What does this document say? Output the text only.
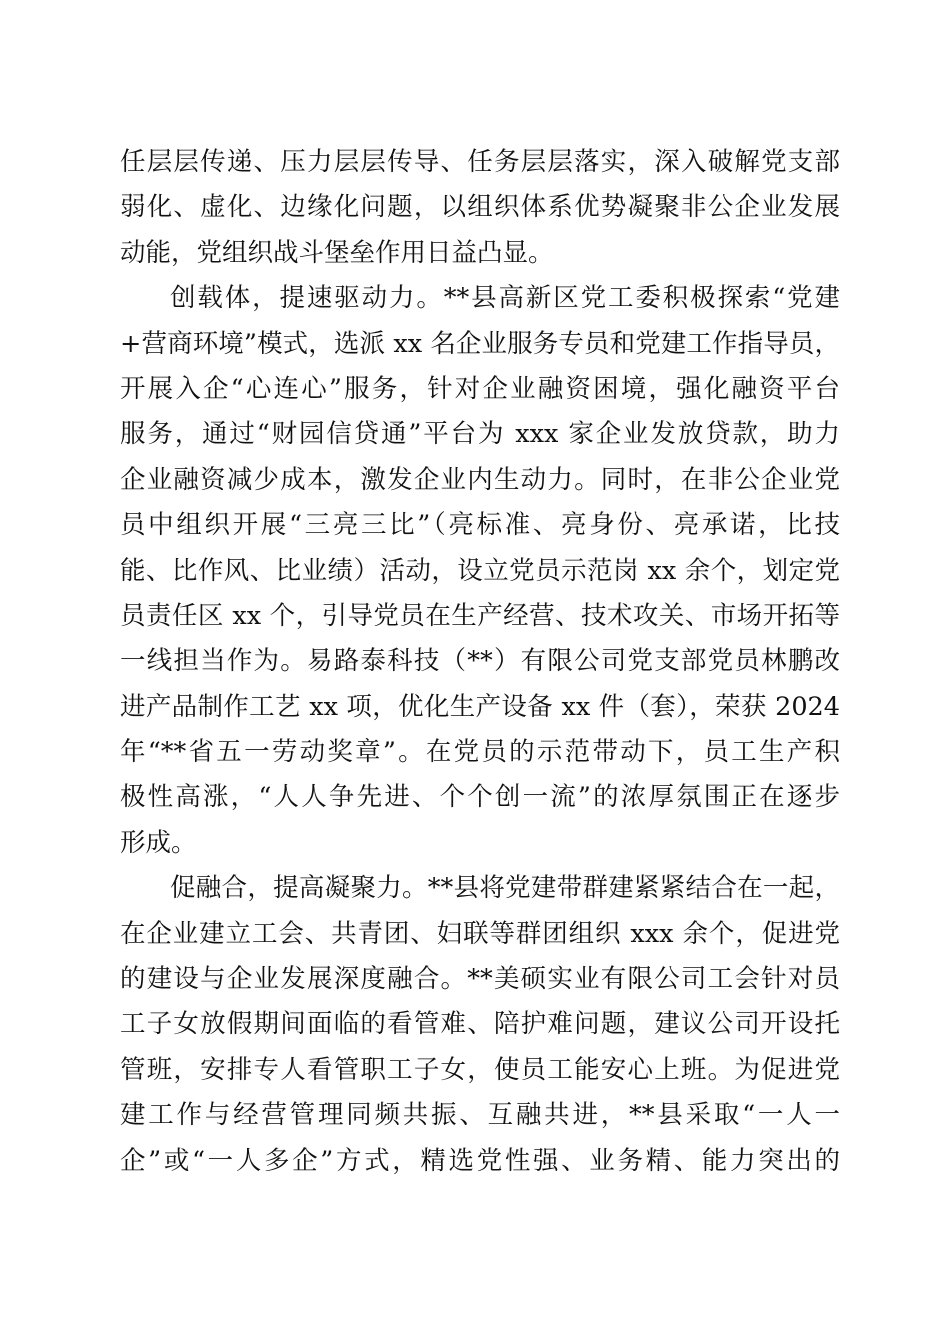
任层层传递、压力层层传导、任务层层落实，深入破解党支部
弱化、虚化、边缘化问题，以组织体系优势凝聚非公企业发展
动能，党组织战斗堡垒作用日益凸显。
创载体，提速驱动力。**县高新区党工委积极探索“党建
+营商环境”模式，选派 xx 名企业服务专员和党建工作指导员，
开展入企“心连心”服务，针对企业融资困境，强化融资平台
服务，通过“财园信贷通”平台为 xxx 家企业发放贷款，助力
企业融资减少成本，激发企业内生动力。同时，在非公企业党
员中组织开展“三亮三比”（亮标准、亮身份、亮承诺，比技
能、比作风、比业绩）活动，设立党员示范岗 xx 余个，划定党
员责任区 xx 个，引导党员在生产经营、技术攻关、市场开拓等
一线担当作为。易路泰科技（**）有限公司党支部党员林鹏改
进产品制作工艺 xx 项，优化生产设备 xx 件（套），荣获 2024
年“**省五一劳动奖章”。在党员的示范带动下，员工生产积
极性高涨，“人人争先进、个个创一流”的浓厚氛围正在逐步
形成。
促融合，提高凝聚力。**县将党建带群建紧紧结合在一起，
在企业建立工会、共青团、妇联等群团组织 xxx 余个，促进党
的建设与企业发展深度融合。**美硕实业有限公司工会针对员
工子女放假期间面临的看管难、陪护难问题，建议公司开设托
管班，安排专人看管职工子女，使员工能安心上班。为促进党
建工作与经营管理同频共振、互融共进，**县采取“一人一
企”或“一人多企”方式，精选党性强、业务精、能力突出的
